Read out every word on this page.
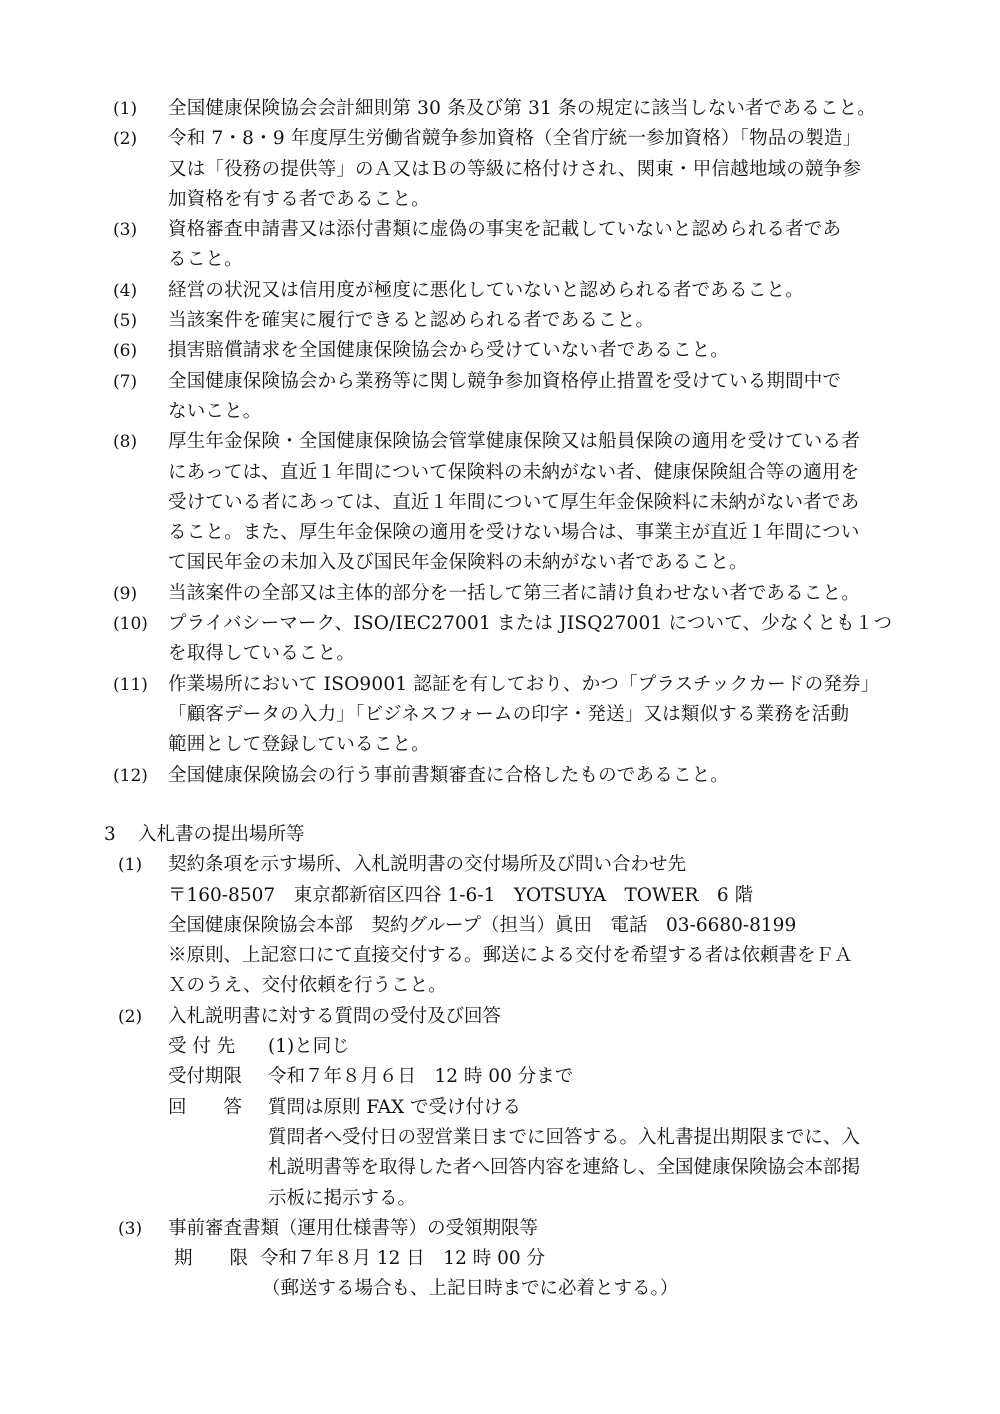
(1)	全国健康保険協会会計細則第 30 条及び第 31 条の規定に該当しない者であること。
(2)	令和 7・8・9 年度厚生労働省競争参加資格（全省庁統一参加資格）「物品の製造」
又は「役務の提供等」のＡ又はＢの等級に格付けされ、関東・甲信越地域の競争参
加資格を有する者であること。
(3)	資格審査申請書又は添付書類に虚偽の事実を記載していないと認められる者であ
ること。
(4)	経営の状況又は信用度が極度に悪化していないと認められる者であること。
(5)	当該案件を確実に履行できると認められる者であること。
(6)	損害賠償請求を全国健康保険協会から受けていない者であること。
(7)	全国健康保険協会から業務等に関し競争参加資格停止措置を受けている期間中で
ないこと。
(8)	厚生年金保険・全国健康保険協会管掌健康保険又は船員保険の適用を受けている者
にあっては、直近１年間について保険料の未納がない者、健康保険組合等の適用を
受けている者にあっては、直近１年間について厚生年金保険料に未納がない者であ
ること。また、厚生年金保険の適用を受けない場合は、事業主が直近１年間につい
て国民年金の未加入及び国民年金保険料の未納がない者であること。
(9)	当該案件の全部又は主体的部分を一括して第三者に請け負わせない者であること。
(10)	プライバシーマーク、ISO/IEC27001 または JISQ27001 について、少なくとも１つ
を取得していること。
(11)	作業場所において ISO9001 認証を有しており、かつ「プラスチックカードの発券」
「顧客データの入力」「ビジネスフォームの印字・発送」又は類似する業務を活動
範囲として登録していること。
(12)	全国健康保険協会の行う事前書類審査に合格したものであること。
3 入札書の提出場所等
(1)	契約条項を示す場所、入札説明書の交付場所及び問い合わせ先
〒160-8507　東京都新宿区四谷 1-6-1　YOTSUYA　TOWER　6 階
全国健康保険協会本部　契約グループ（担当）眞田　電話　03-6680-8199
※原則、上記窓口にて直接交付する。郵送による交付を希望する者は依頼書をＦＡ
Ｘのうえ、交付依頼を行うこと。
(2)	入札説明書に対する質問の受付及び回答
受 付 先 (1)と同じ
受付期限 令和７年８月６日　12 時 00 分まで
回　　答 質問は原則 FAX で受け付ける
質問者へ受付日の翌営業日までに回答する。入札書提出期限までに、入
札説明書等を取得した者へ回答内容を連絡し、全国健康保険協会本部掲
示板に掲示する。
(3)	事前審査書類（運用仕様書等）の受領期限等
期　　限 令和７年８月 12 日　12 時 00 分
（郵送する場合も、上記日時までに必着とする。）
